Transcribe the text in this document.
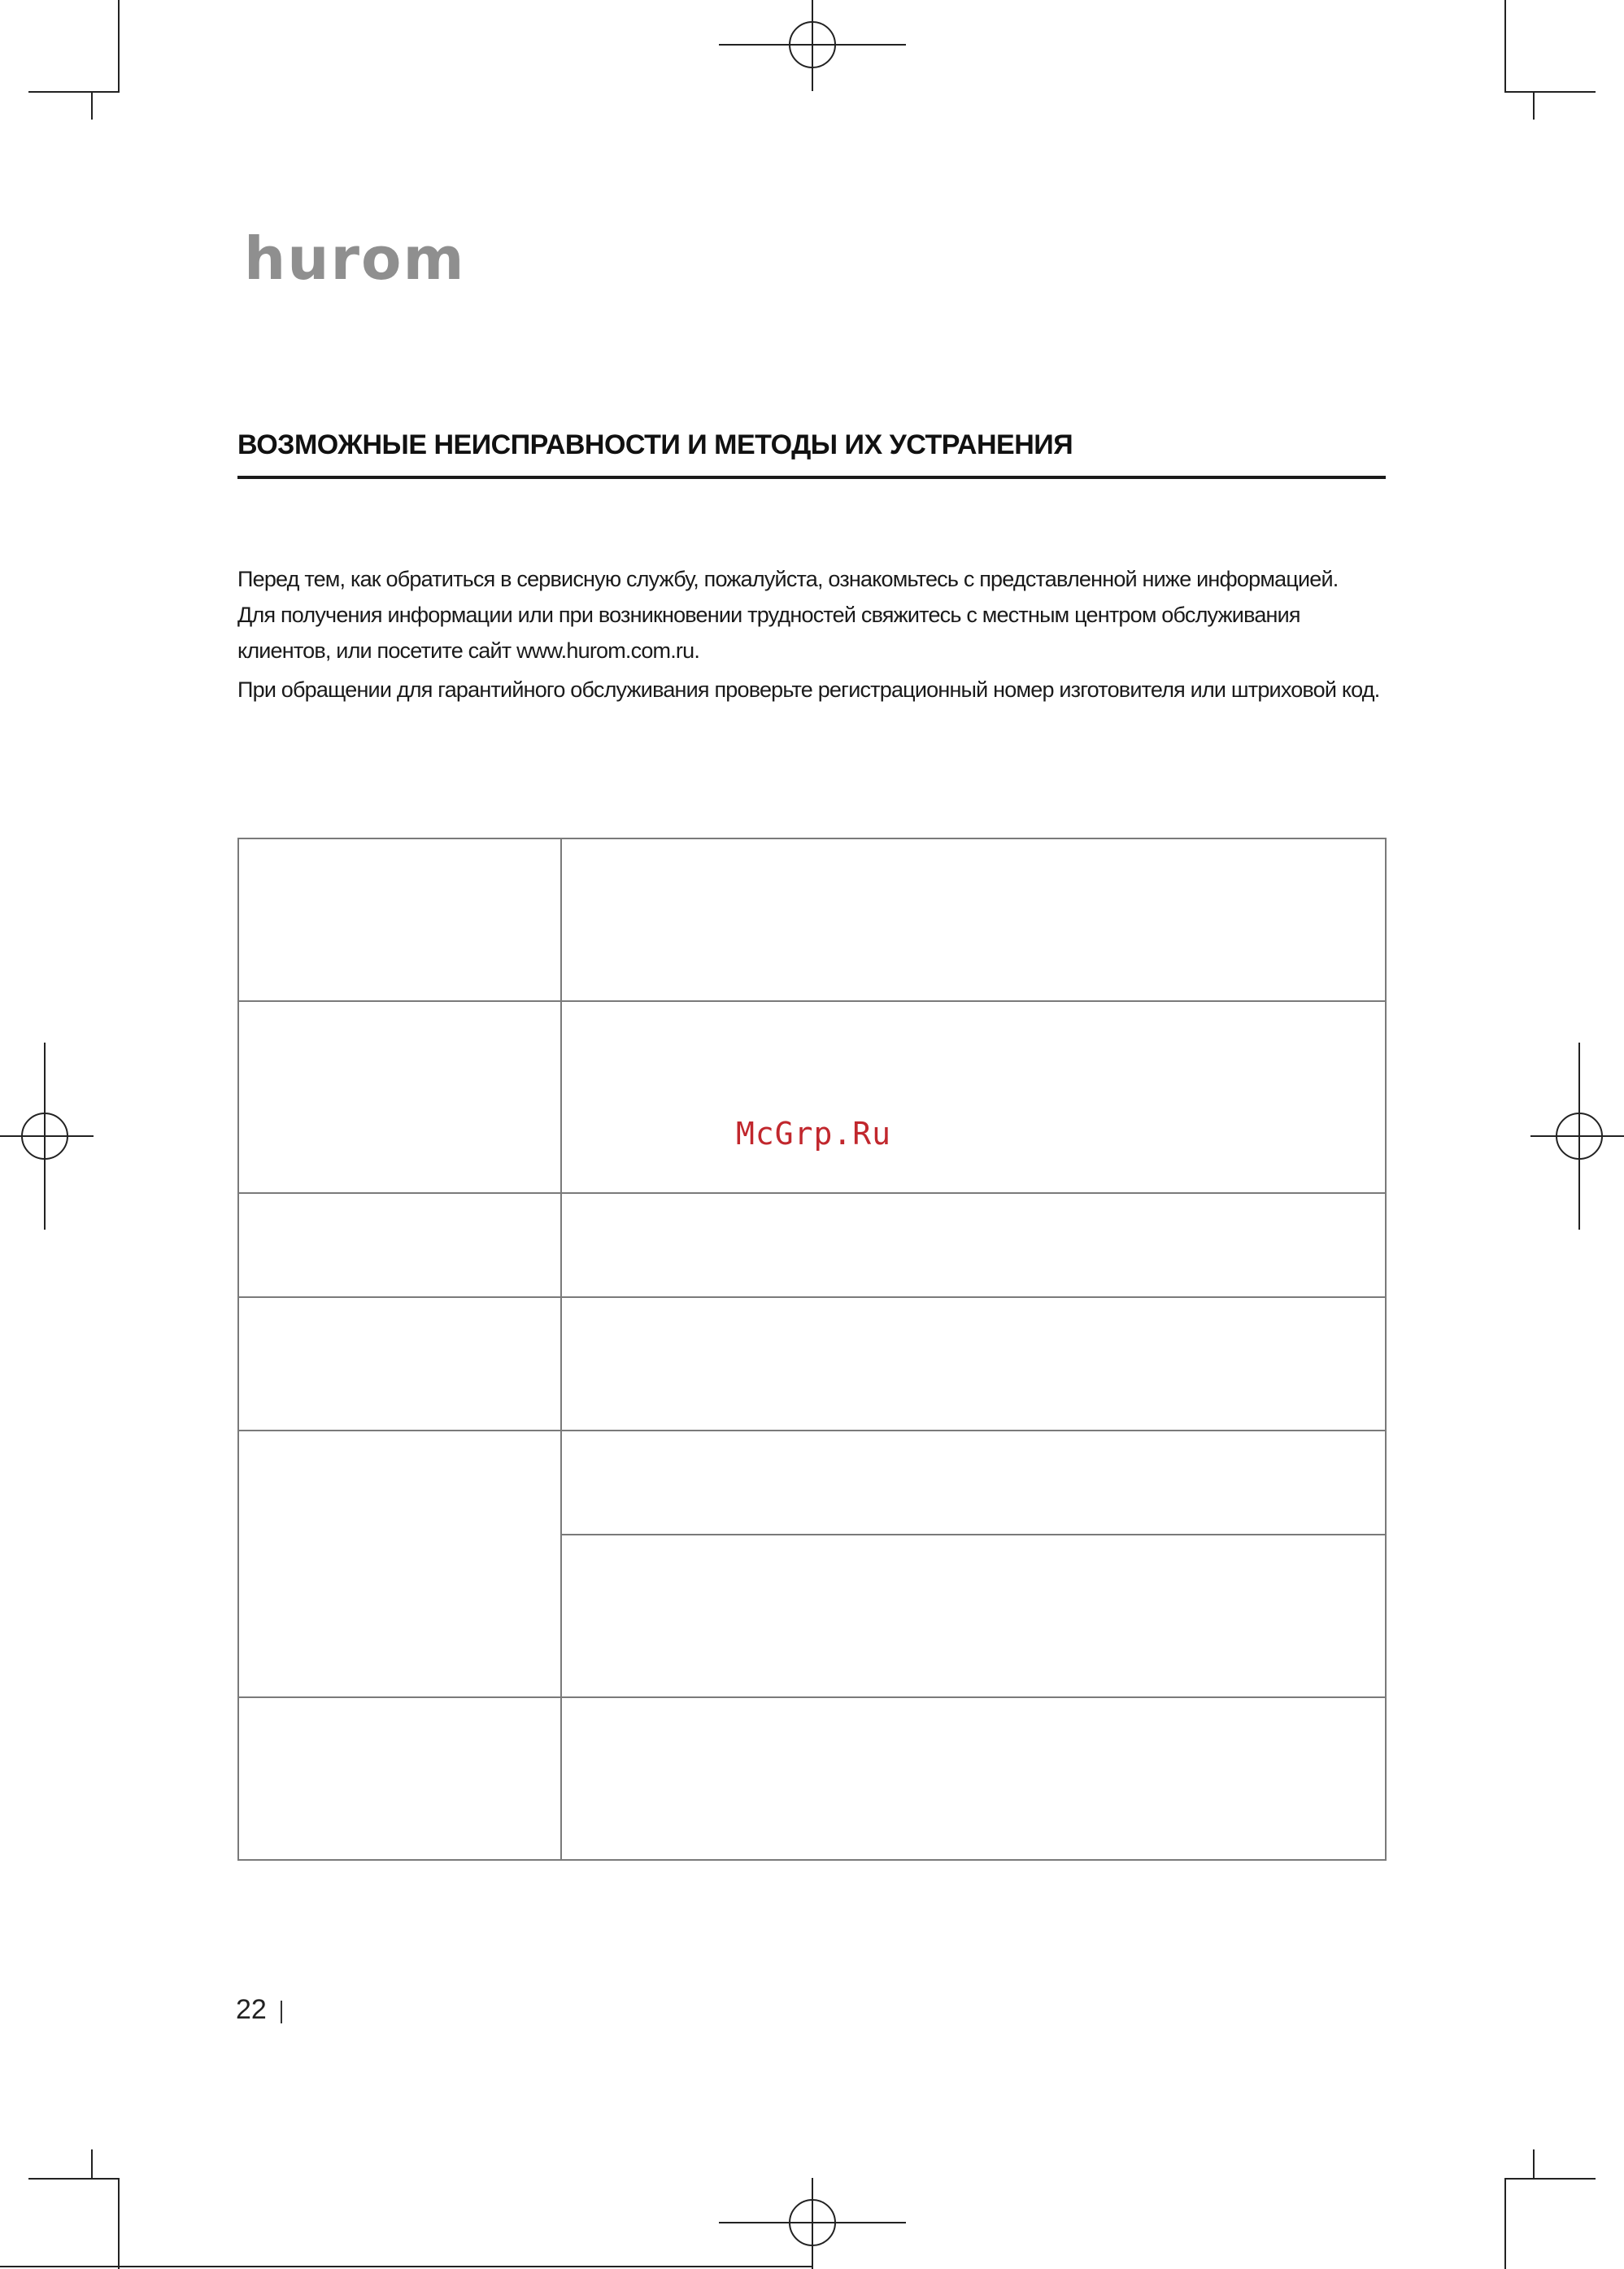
hurom
ВОЗМОЖНЫЕ НЕИСПРАВНОСТИ И МЕТОДЫ ИХ УСТРАНЕНИЯ

Перед тем, как обратиться в сервисную службу, пожалуйста, ознакомьтесь с представленной ниже информацией.

Для получения информации или при возникновении трудностей свяжитесь с местным центром обслуживания

клиентов, или посетите сайт www.hurom.com.ru.

При обращении для гарантийного обслуживания проверьте регистрационный номер изготовителя или штриховой код.

McGrp.Ru
22
